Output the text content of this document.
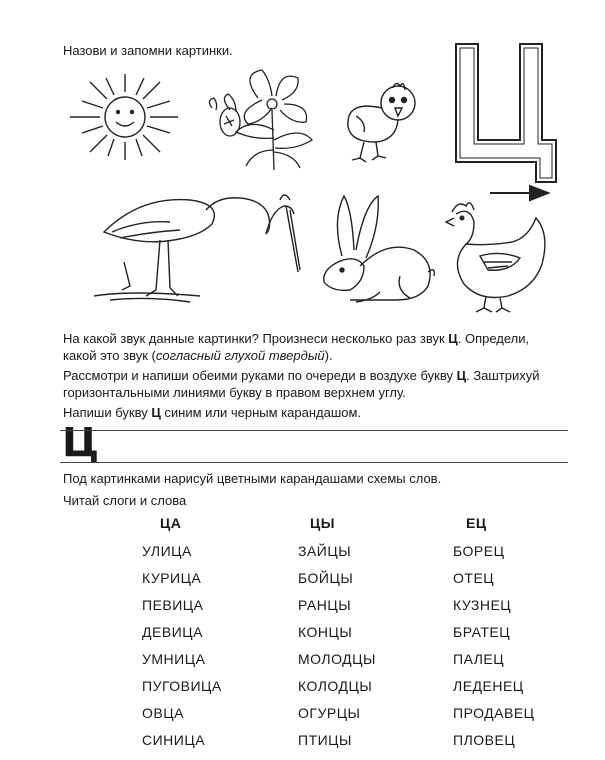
Назови и запомни картинки.
На какой звук данные картинки? Произнеси несколько раз звук Ц. Определи,
какой это звук (согласный глухой твердый).
Рассмотри и напиши обеими руками по очереди в воздухе букву Ц. Заштрихуй
горизонтальными линиями букву в правом верхнем углу.
Напиши букву Ц синим или черным карандашом.
Ц
Под картинками нарисуй цветными карандашами схемы слов.
Читай слоги и слова
ЦА	ЦЫ	ЕЦ
УЛИЦА
КУРИЦА
ПЕВИЦА
ДЕВИЦА
УМНИЦА
ПУГОВИЦА
ОВЦА
СИНИЦА
ЗАЙЦЫ
БОЙЦЫ
РАНЦЫ
КОНЦЫ
МОЛОДЦЫ
КОЛОДЦЫ
ОГУРЦЫ
ПТИЦЫ
БОРЕЦ
ОТЕЦ
КУЗНЕЦ
БРАТЕЦ
ПАЛЕЦ
ЛЕДЕНЕЦ
ПРОДАВЕЦ
ПЛОВЕЦ
